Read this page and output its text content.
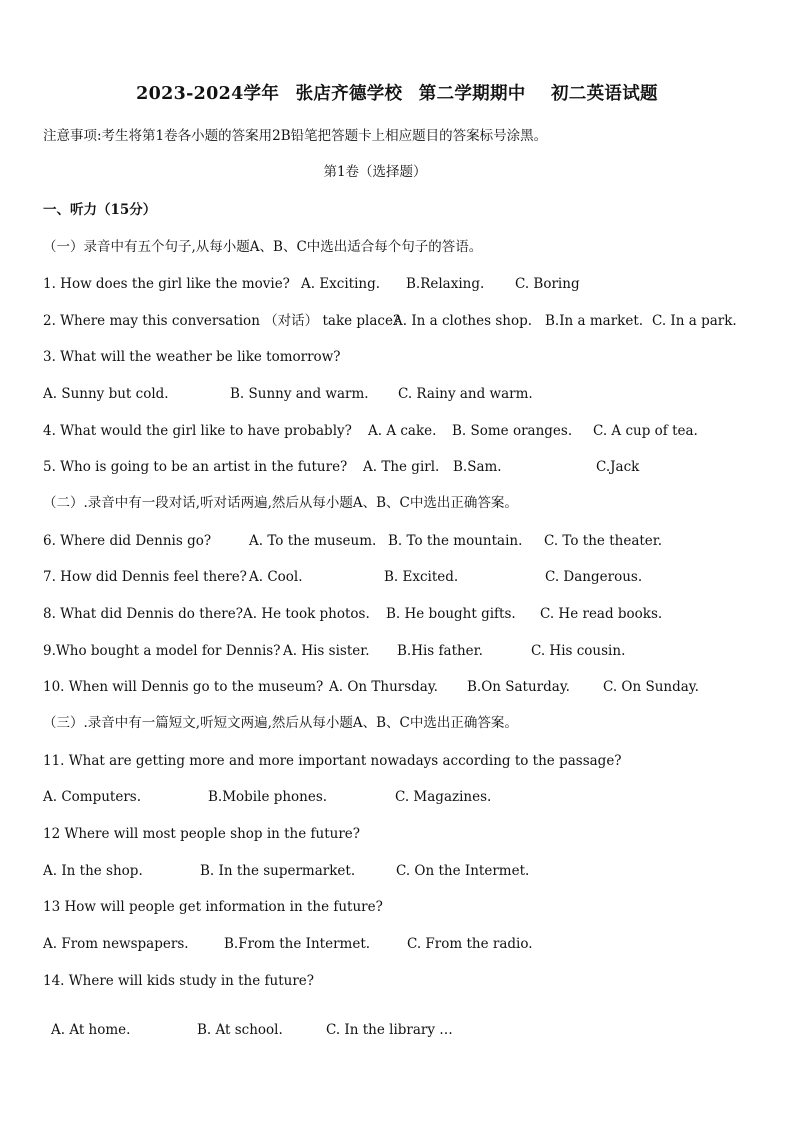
2023-2024学年 张店齐德学校 第二学期期中 初二英语试题
注意事项:考生将第1卷各小题的答案用2B铅笔把答题卡上相应题目的答案标号涂黑。
第1卷（选择题）
一、听力（15分）
（一）录音中有五个句子,从每小题A、B、C中选出适合每个句子的答语。
1. How does the girl like the movie? A. Exciting. B.Relaxing. C. Boring
2. Where may this conversation （对话） take place?
A. In a clothes shop. B.In a market. C. In a park.
3. What will the weather be like tomorrow?
A. Sunny but cold.	B. Sunny and warm. C. Rainy and warm.
4. What would the girl like to have probably? A. A cake. B. Some oranges. C. A cup of tea.
5. Who is going to be an artist in the future? A. The girl. B.Sam.	C.Jack
（二）.录音中有一段对话,听对话两遍,然后从每小题A、B、C中选出正确答案。
6. Where did Dennis go?	A. To the museum. B. To the mountain. C. To the theater.
7. How did Dennis feel there? A. Cool.	B. Excited.	C. Dangerous.
8. What did Dennis do there? A. He took photos. B. He bought gifts. C. He read books.
9.Who bought a model for Dennis? A. His sister. B.His father.	C. His cousin.
10. When will Dennis go to the museum? A. On Thursday. B.On Saturday. C. On Sunday.
（三）.录音中有一篇短文,听短文两遍,然后从每小题A、B、C中选出正确答案。
11. What are getting more and more important nowadays according to the passage?
A. Computers.	B.Mobile phones.	C. Magazines.
12 Where will most people shop in the future?
A. In the shop.	B. In the supermarket.	C. On the Intermet.
13 How will people get information in the future?
A. From newspapers.	B.From the Intermet.	C. From the radio.
14. Where will kids study in the future?
A. At home.	B. At school.	C. In the library …
